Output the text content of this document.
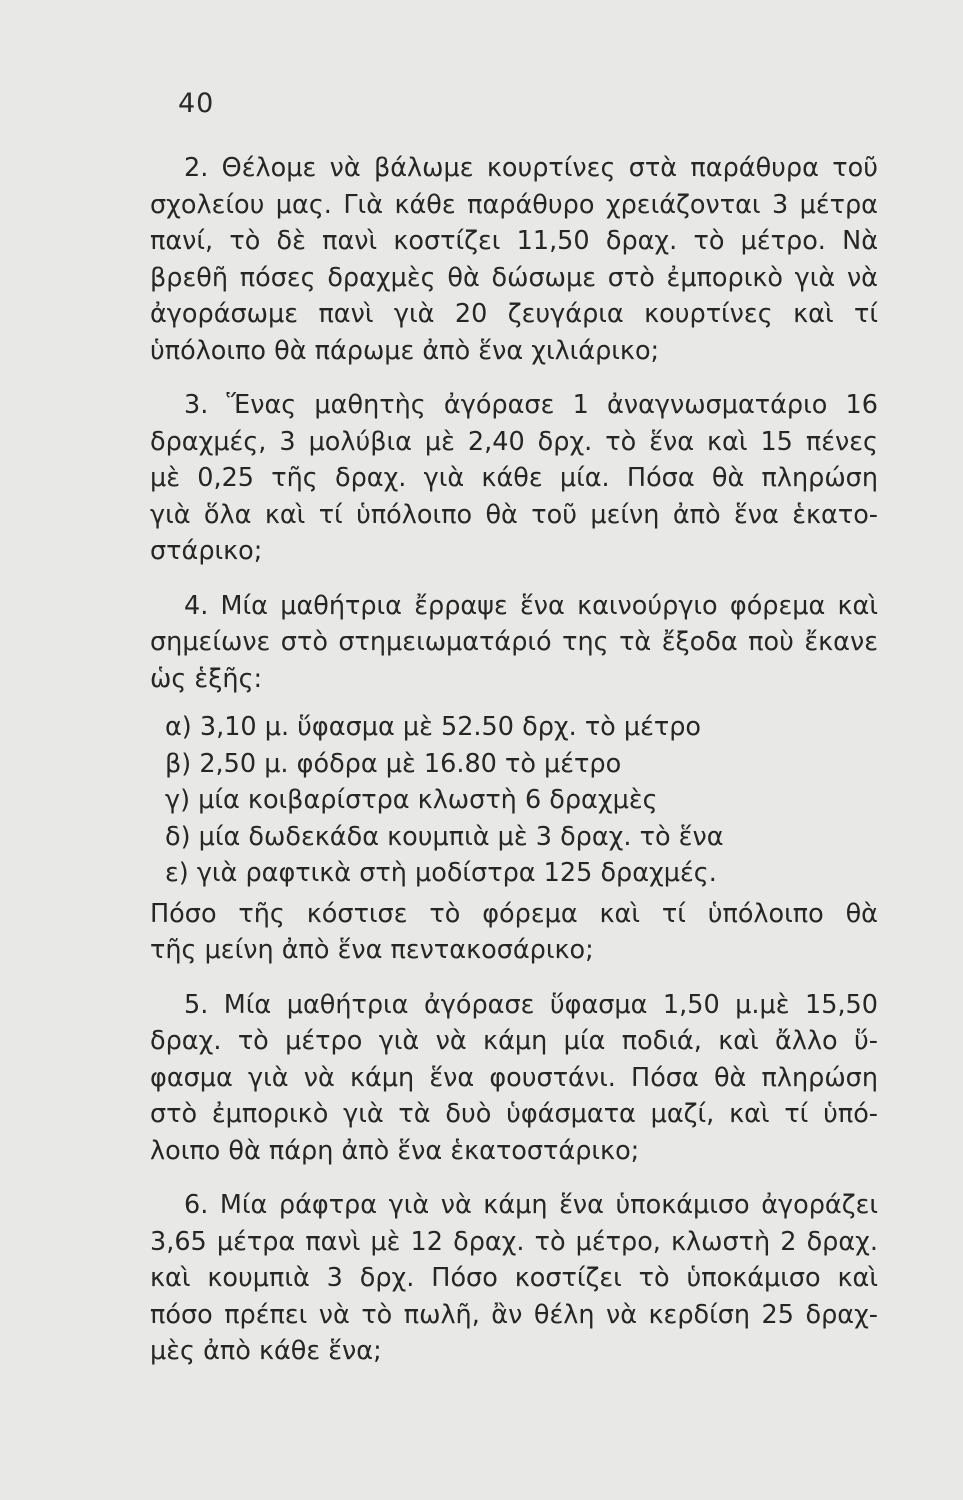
40
2. Θέλομε νὰ βάλωμε κουρτίνες στὰ παράθυρα τοῦ
σχολείου μας. Γιὰ κάθε παράθυρο χρειάζονται 3 μέτρα
πανί, τὸ δὲ πανὶ κοστίζει 11,50 δραχ. τὸ μέτρο. Νὰ
βρεθῆ πόσες δραχμὲς θὰ δώσωμε στὸ ἐμπορικὸ γιὰ νὰ
ἀγοράσωμε πανὶ γιὰ 20 ζευγάρια κουρτίνες καὶ τί
ὑπόλοιπο θὰ πάρωμε ἀπὸ ἕνα χιλιάρικο;
3. Ἕνας μαθητὴς ἀγόρασε 1 ἀναγνωσματάριο 16
δραχμές, 3 μολύβια μὲ 2,40 δρχ. τὸ ἕνα καὶ 15 πένες
μὲ 0,25 τῆς δραχ. γιὰ κάθε μία. Πόσα θὰ πληρώση
γιὰ ὅλα καὶ τί ὑπόλοιπο θὰ τοῦ μείνη ἀπὸ ἕνα ἑκατο-
στάρικο;
4. Μία μαθήτρια ἔρραψε ἕνα καινούργιο φόρεμα καὶ
σημείωνε στὸ στημειωματάριό της τὰ ἔξοδα ποὺ ἔκανε
ὡς ἑξῆς:
α) 3,10 μ. ὕφασμα μὲ 52.50 δρχ. τὸ μέτρο
β) 2,50 μ. φόδρα μὲ 16.80 τὸ μέτρο
γ) μία κοιβαρίστρα κλωστὴ 6 δραχμὲς
δ) μία δωδεκάδα κουμπιὰ μὲ 3 δραχ. τὸ ἕνα
ε) γιὰ ραφτικὰ στὴ μοδίστρα 125 δραχμές.
Πόσο τῆς κόστισε τὸ φόρεμα καὶ τί ὑπόλοιπο θὰ
τῆς μείνη ἀπὸ ἕνα πεντακοσάρικο;
5. Μία μαθήτρια ἀγόρασε ὕφασμα 1,50 μ.μὲ 15,50
δραχ. τὸ μέτρο γιὰ νὰ κάμη μία ποδιά, καὶ ἄλλο ὕ-
φασμα γιὰ νὰ κάμη ἕνα φουστάνι. Πόσα θὰ πληρώση
στὸ ἐμπορικὸ γιὰ τὰ δυὸ ὑφάσματα μαζί, καὶ τί ὑπό-
λοιπο θὰ πάρη ἀπὸ ἕνα ἑκατοστάρικο;
6. Μία ράφτρα γιὰ νὰ κάμη ἕνα ὑποκάμισο ἀγοράζει
3,65 μέτρα πανὶ μὲ 12 δραχ. τὸ μέτρο, κλωστὴ 2 δραχ.
καὶ κουμπιὰ 3 δρχ. Πόσο κοστίζει τὸ ὑποκάμισο καὶ
πόσο πρέπει νὰ τὸ πωλῆ, ἂν θέλη νὰ κερδίση 25 δραχ-
μὲς ἀπὸ κάθε ἕνα;
